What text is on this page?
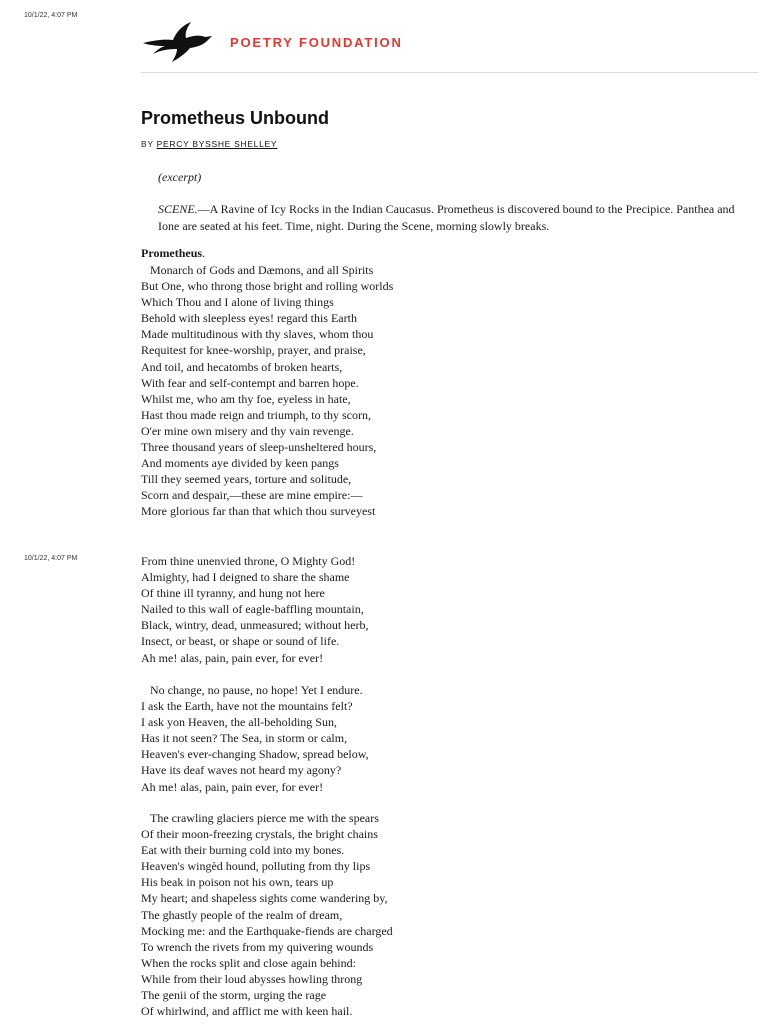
10/1/22, 4:07 PM
POETRY FOUNDATION
Prometheus Unbound
BY PERCY BYSSHE SHELLEY
(excerpt)
SCENE.—A Ravine of Icy Rocks in the Indian Caucasus. Prometheus is discovered bound to the Precipice. Panthea and Ione are seated at his feet. Time, night. During the Scene, morning slowly breaks.
Prometheus.
Monarch of Gods and Dæmons, and all Spirits
But One, who throng those bright and rolling worlds
Which Thou and I alone of living things
Behold with sleepless eyes! regard this Earth
Made multitudinous with thy slaves, whom thou
Requitest for knee-worship, prayer, and praise,
And toil, and hecatombs of broken hearts,
With fear and self-contempt and barren hope.
Whilst me, who am thy foe, eyeless in hate,
Hast thou made reign and triumph, to thy scorn,
O'er mine own misery and thy vain revenge.
Three thousand years of sleep-unsheltered hours,
And moments aye divided by keen pangs
Till they seemed years, torture and solitude,
Scorn and despair,—these are mine empire:—
More glorious far than that which thou surveyest
10/1/22, 4:07 PM	From thine unenvied throne, O Mighty God!
Almighty, had I deigned to share the shame
Of thine ill tyranny, and hung not here
Nailed to this wall of eagle-baffling mountain,
Black, wintry, dead, unmeasured; without herb,
Insect, or beast, or shape or sound of life.
Ah me! alas, pain, pain ever, for ever!
No change, no pause, no hope! Yet I endure.
I ask the Earth, have not the mountains felt?
I ask yon Heaven, the all-beholding Sun,
Has it not seen? The Sea, in storm or calm,
Heaven's ever-changing Shadow, spread below,
Have its deaf waves not heard my agony?
Ah me! alas, pain, pain ever, for ever!
The crawling glaciers pierce me with the spears
Of their moon-freezing crystals, the bright chains
Eat with their burning cold into my bones.
Heaven's wingèd hound, polluting from thy lips
His beak in poison not his own, tears up
My heart; and shapeless sights come wandering by,
The ghastly people of the realm of dream,
Mocking me: and the Earthquake-fiends are charged
To wrench the rivets from my quivering wounds
When the rocks split and close again behind:
While from their loud abysses howling throng
The genii of the storm, urging the rage
Of whirlwind, and afflict me with keen hail.
